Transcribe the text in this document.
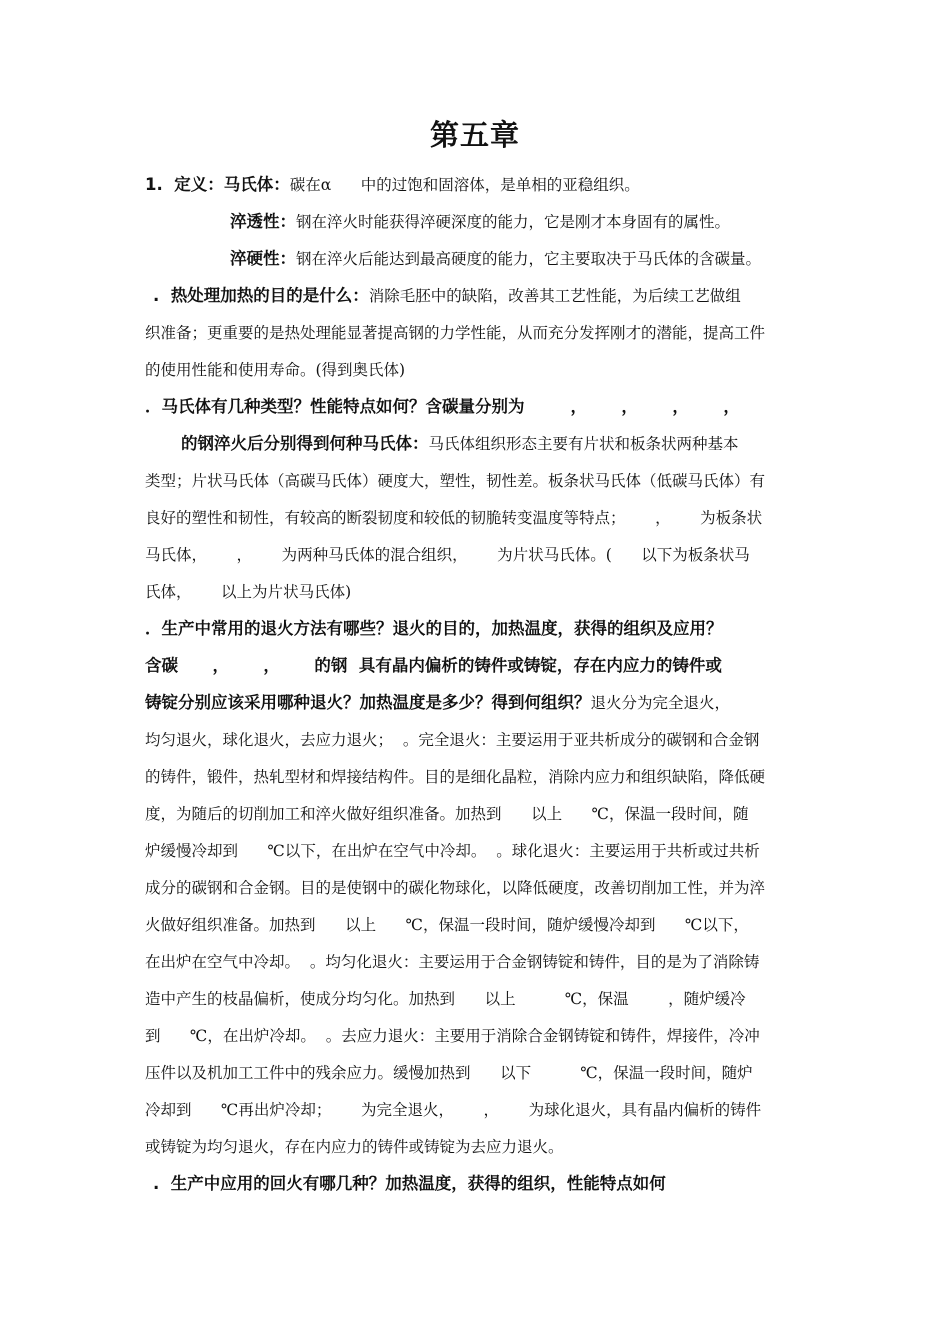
第五章
1.  定义：马氏体：碳在α      中的过饱和固溶体，是单相的亚稳组织。
淬透性：钢在淬火时能获得淬硬深度的能力，它是刚才本身固有的属性。
淬硬性：钢在淬火后能达到最高硬度的能力，它主要取决于马氏体的含碳量。
.  热处理加热的目的是什么：消除毛胚中的缺陷，改善其工艺性能，为后续工艺做组
织准备；更重要的是热处理能显著提高钢的力学性能，从而充分发挥刚才的潜能，提高工件
的使用性能和使用寿命。(得到奥氏体)
．马氏体有几种类型？性能特点如何？含碳量分别为        ，      ，      ，      ，
的钢淬火后分别得到何种马氏体：马氏体组织形态主要有片状和板条状两种基本
类型；片状马氏体（高碳马氏体）硬度大，塑性，韧性差。板条状马氏体（低碳马氏体）有
良好的塑性和韧性，有较高的断裂韧度和较低的韧脆转变温度等特点；      ，      为板条状
马氏体，      ，      为两种马氏体的混合组织，      为片状马氏体。(      以下为板条状马
氏体，      以上为片状马氏体)
．生产中常用的退火方法有哪些？退火的目的，加热温度，获得的组织及应用？
含碳      ，      ，      的钢  具有晶内偏析的铸件或铸锭，存在内应力的铸件或
铸锭分别应该采用哪种退火？加热温度是多少？得到何组织？退火分为完全退火，
均匀退火，球化退火，去应力退火；  。完全退火：主要运用于亚共析成分的碳钢和合金钢
的铸件，锻件，热轧型材和焊接结构件。目的是细化晶粒，消除内应力和组织缺陷，降低硬
度，为随后的切削加工和淬火做好组织准备。加热到      以上      ℃，保温一段时间，随
炉缓慢冷却到      ℃以下，在出炉在空气中冷却。  。球化退火：主要运用于共析或过共析
成分的碳钢和合金钢。目的是使钢中的碳化物球化，以降低硬度，改善切削加工性，并为淬
火做好组织准备。加热到      以上      ℃，保温一段时间，随炉缓慢冷却到      ℃以下，
在出炉在空气中冷却。  。均匀化退火：主要运用于合金钢铸锭和铸件，目的是为了消除铸
造中产生的枝晶偏析，使成分均匀化。加热到      以上          ℃，保温        ，随炉缓冷
到      ℃，在出炉冷却。  。去应力退火：主要用于消除合金钢铸锭和铸件，焊接件，冷冲
压件以及机加工工件中的残余应力。缓慢加热到      以下          ℃，保温一段时间，随炉
冷却到      ℃再出炉冷却；      为完全退火，      ，      为球化退火，具有晶内偏析的铸件
或铸锭为均匀退火，存在内应力的铸件或铸锭为去应力退火。
.  生产中应用的回火有哪几种？加热温度，获得的组织，性能特点如何
